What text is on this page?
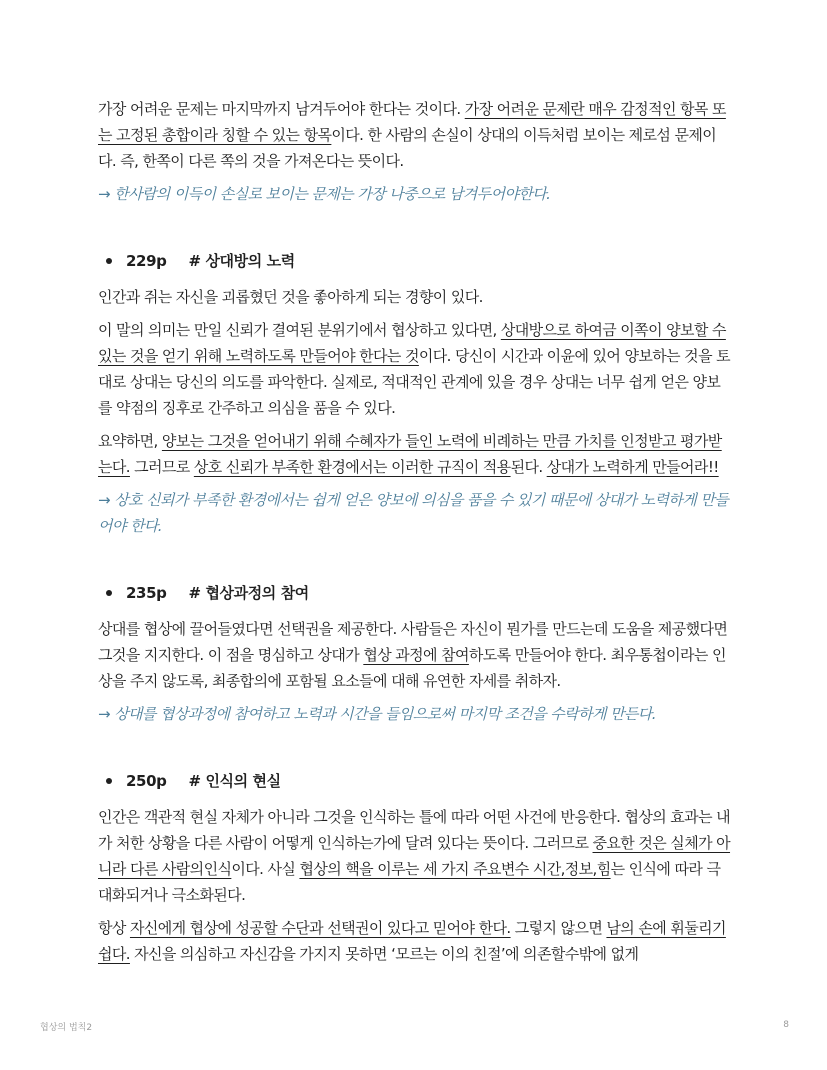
가장 어려운 문제는 마지막까지 남겨두어야 한다는 것이다. 가장 어려운 문제란 매우 감정적인 항목 또는 고정된 총합이라 칭할 수 있는 항목이다. 한 사람의 손실이 상대의 이득처럼 보이는 제로섬 문제이다. 즉, 한쪽이 다른 쪽의 것을 가져온다는 뜻이다.

→ 한사람의 이득이 손실로 보이는 문제는 가장 나중으로 남겨두어야한다.

229p # 상대방의 노력

인간과 쥐는 자신을 괴롭혔던 것을 좋아하게 되는 경향이 있다.

이 말의 의미는 만일 신뢰가 결여된 분위기에서 협상하고 있다면, 상대방으로 하여금 이쪽이 양보할 수 있는 것을 얻기 위해 노력하도록 만들어야 한다는 것이다. 당신이 시간과 이윤에 있어 양보하는 것을 토대로 상대는 당신의 의도를 파악한다. 실제로, 적대적인 관계에 있을 경우 상대는 너무 쉽게 얻은 양보를 약점의 징후로 간주하고 의심을 품을 수 있다.

요약하면, 양보는 그것을 얻어내기 위해 수혜자가 들인 노력에 비례하는 만큼 가치를 인정받고 평가받는다. 그러므로 상호 신뢰가 부족한 환경에서는 이러한 규직이 적용된다. 상대가 노력하게 만들어라!!

→ 상호 신뢰가 부족한 환경에서는 쉽게 얻은 양보에 의심을 품을 수 있기 때문에 상대가 노력하게 만들어야 한다.

235p # 협상과정의 참여

상대를 협상에 끌어들였다면 선택권을 제공한다. 사람들은 자신이 뭔가를 만드는데 도움을 제공했다면 그것을 지지한다. 이 점을 명심하고 상대가 협상 과정에 참여하도록 만들어야 한다. 최우통첩이라는 인상을 주지 않도록, 최종합의에 포함될 요소들에 대해 유연한 자세를 취하자.

→ 상대를 협상과정에 참여하고 노력과 시간을 들임으로써 마지막 조건을 수락하게 만든다.

250p # 인식의 현실

인간은 객관적 현실 자체가 아니라 그것을 인식하는 틀에 따라 어떤 사건에 반응한다. 협상의 효과는 내가 처한 상황을 다른 사람이 어떻게 인식하는가에 달려 있다는 뜻이다. 그러므로 중요한 것은 실체가 아니라 다른 사람의인식이다. 사실 협상의 핵을 이루는 세 가지 주요변수 시간,정보,힘는 인식에 따라 극대화되거나 극소화된다.

항상 자신에게 협상에 성공할 수단과 선택권이 있다고 믿어야 한다. 그렇지 않으면 남의 손에 휘둘리기 쉽다. 자신을 의심하고 자신감을 가지지 못하면 ‘모르는 이의 친절’에 의존할수밖에 없게

협상의 법칙2	8
